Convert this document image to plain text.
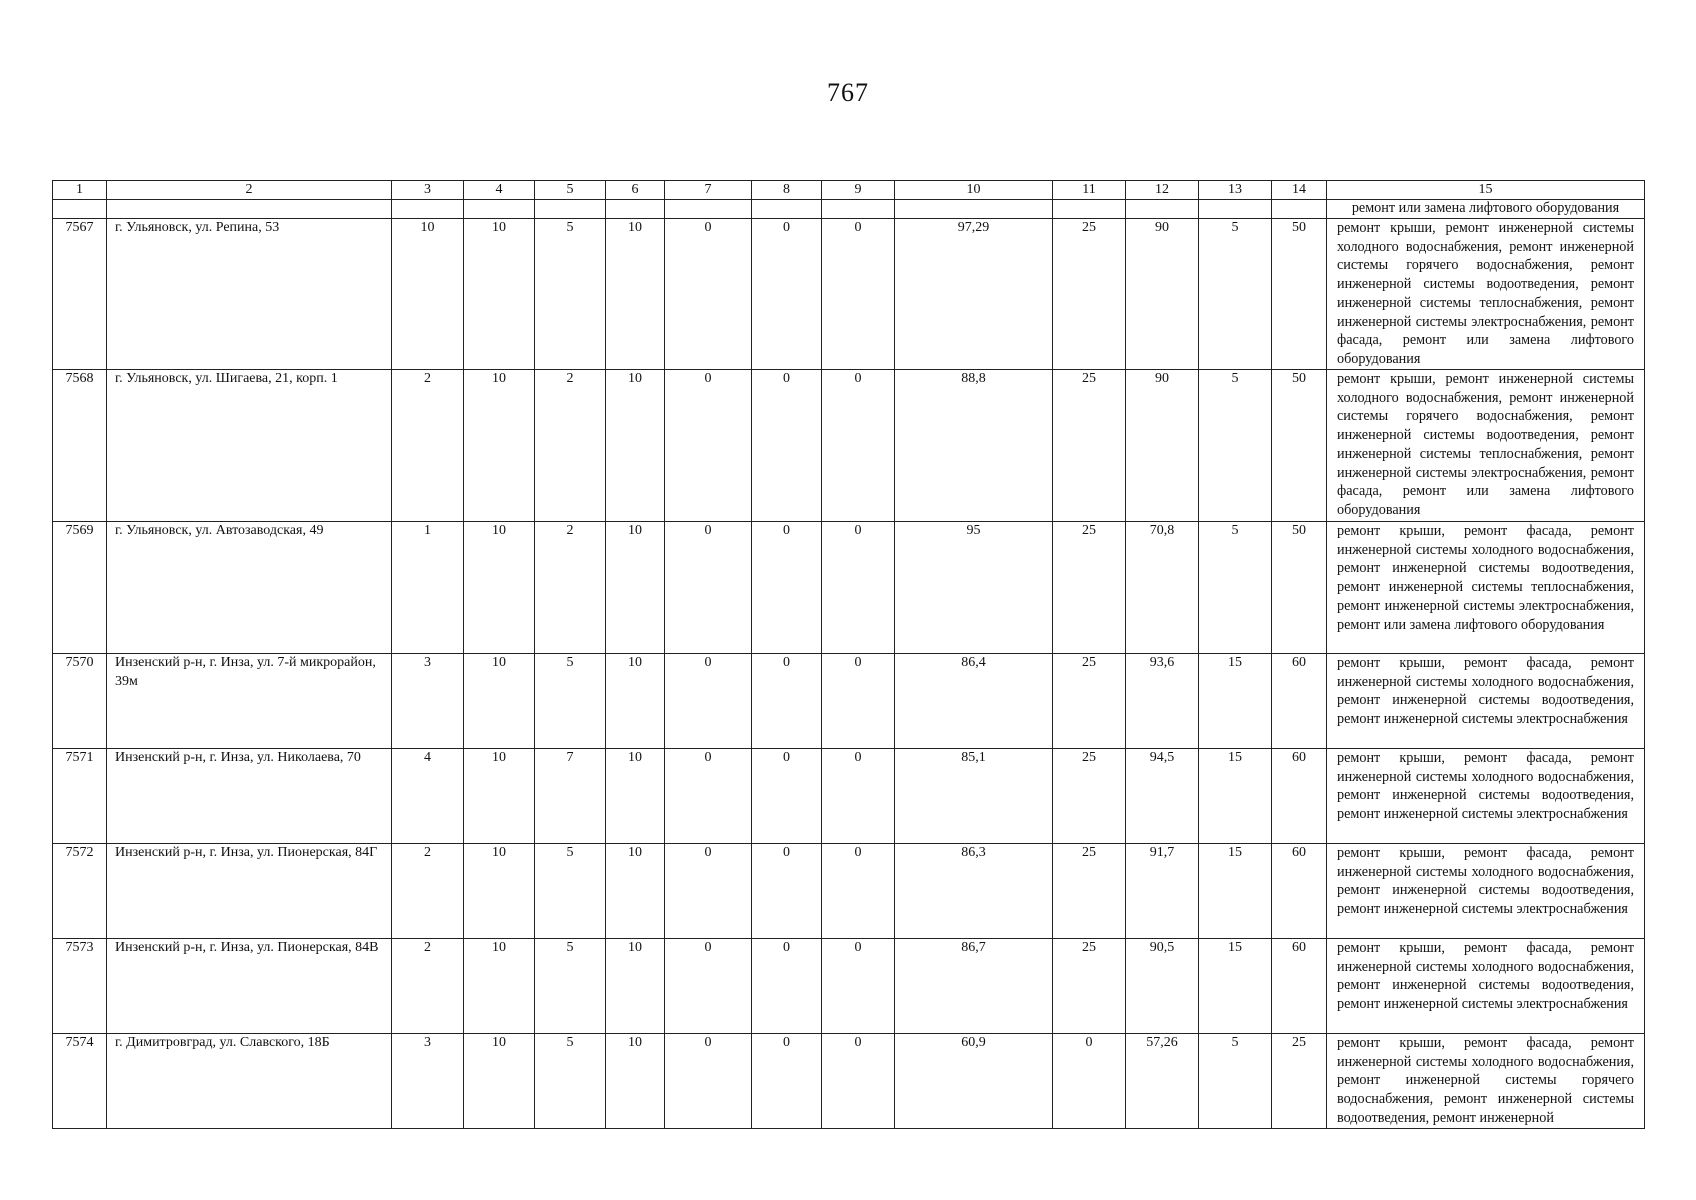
767
1	2	3	4	5	6	7	8	9	10	11	12	13	14	15
														ремонт или замена лифтового оборудования
7567	г. Ульяновск, ул. Репина, 53	10	10	5	10	0	0	0	97,29	25	90	5	50	ремонт крыши, ремонт инженерной системы холодного водоснабжения, ремонт инженерной системы горячего водоснабжения, ремонт инженерной системы водоотведения, ремонт инженерной системы теплоснабжения, ремонт инженерной системы электроснабжения, ремонт фасада, ремонт или замена лифтового оборудования
7568	г. Ульяновск, ул. Шигаева, 21, корп. 1	2	10	2	10	0	0	0	88,8	25	90	5	50	ремонт крыши, ремонт инженерной системы холодного водоснабжения, ремонт инженерной системы горячего водоснабжения, ремонт инженерной системы водоотведения, ремонт инженерной системы теплоснабжения, ремонт инженерной системы электроснабжения, ремонт фасада, ремонт или замена лифтового оборудования
7569	г. Ульяновск, ул. Автозаводская, 49	1	10	2	10	0	0	0	95	25	70,8	5	50	ремонт крыши, ремонт фасада, ремонт инженерной системы холодного водоснабжения, ремонт инженерной системы водоотведения, ремонт инженерной системы теплоснабжения, ремонт инженерной системы электроснабжения, ремонт или замена лифтового оборудования
7570	Инзенский р-н, г. Инза, ул. 7-й микрорайон, 39м	3	10	5	10	0	0	0	86,4	25	93,6	15	60	ремонт крыши, ремонт фасада, ремонт инженерной системы холодного водоснабжения, ремонт инженерной системы водоотведения, ремонт инженерной системы электроснабжения
7571	Инзенский р-н, г. Инза, ул. Николаева, 70	4	10	7	10	0	0	0	85,1	25	94,5	15	60	ремонт крыши, ремонт фасада, ремонт инженерной системы холодного водоснабжения, ремонт инженерной системы водоотведения, ремонт инженерной системы электроснабжения
7572	Инзенский р-н, г. Инза, ул. Пионерская, 84Г	2	10	5	10	0	0	0	86,3	25	91,7	15	60	ремонт крыши, ремонт фасада, ремонт инженерной системы холодного водоснабжения, ремонт инженерной системы водоотведения, ремонт инженерной системы электроснабжения
7573	Инзенский р-н, г. Инза, ул. Пионерская, 84В	2	10	5	10	0	0	0	86,7	25	90,5	15	60	ремонт крыши, ремонт фасада, ремонт инженерной системы холодного водоснабжения, ремонт инженерной системы водоотведения, ремонт инженерной системы электроснабжения
7574	г. Димитровград, ул. Славского, 18Б	3	10	5	10	0	0	0	60,9	0	57,26	5	25	ремонт крыши, ремонт фасада, ремонт инженерной системы холодного водоснабжения, ремонт инженерной системы горячего водоснабжения, ремонт инженерной системы водоотведения, ремонт инженерной
